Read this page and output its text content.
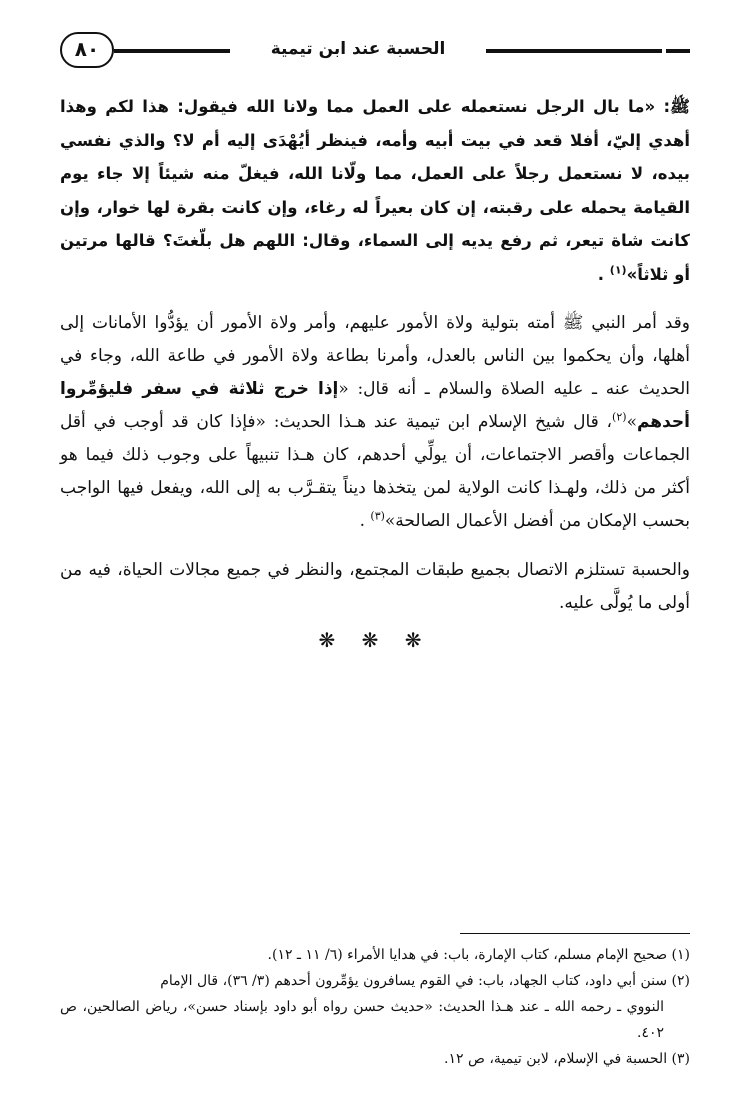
٨٠	الحسبة عند ابن تيمية

ﷺ: «ما بال الرجل نستعمله على العمل مما ولانا الله فيقول: هذا لكم وهذا أهدي إليّ، أفلا قعد في بيت أبيه وأمه، فينظر أيُهْدَى إليه أم لا؟ والذي نفسي بيده، لا نستعمل رجلاً على العمل، مما ولّانا الله، فيغلّ منه شيئاً إلا جاء يوم القيامة يحمله على رقبته، إن كان بعيراً له رغاء، وإن كانت بقرة لها خوار، وإن كانت شاة تيعر، ثم رفع يديه إلى السماء، وقال: اللهم هل بلّغتَ؟ قالها مرتين أو ثلاثاً»$^{(١)}$ .

وقد أمر النبي ﷺ أمته بتولية ولاة الأمور عليهم، وأمر ولاة الأمور أن يؤدُّوا الأمانات إلى أهلها، وأن يحكموا بين الناس بالعدل، وأمرنا بطاعة ولاة الأمور في طاعة الله، وجاء في الحديث عنه ـ عليه الصلاة والسلام ـ أنه قال: «إذا خرج ثلاثة في سفر فليؤمِّروا أحدهم»$^{(٢)}$، قال شيخ الإسلام ابن تيمية عند هـذا الحديث: «فإذا كان قد أوجب في أقل الجماعات وأقصر الاجتماعات، أن يولِّي أحدهم، كان هـذا تنبيهاً على وجوب ذلك فيما هو أكثر من ذلك، ولهـذا كانت الولاية لمن يتخذها ديناً يتقـرَّب به إلى الله، ويفعل فيها الواجب بحسب الإمكان من أفضل الأعمال الصالحة»$^{(٣)}$ .

والحسبة تستلزم الاتصال بجميع طبقات المجتمع، والنظر في جميع مجالات الحياة، فيه من أولى ما يُولَّى عليه.

❋ ❋ ❋

(١) صحيح الإمام مسلم، كتاب الإمارة، باب: في هدايا الأمراء (٦/ ١١ ـ ١٢).

(٢) سنن أبي داود، كتاب الجهاد، باب: في القوم يسافرون يؤمِّرون أحدهم (٣/ ٣٦)، قال الإمام

النووي ـ رحمه الله ـ عند هـذا الحديث: «حديث حسن رواه أبو داود بإسناد حسن»، رياض الصالحين، ص ٤٠٢.

(٣) الحسبة في الإسلام، لابن تيمية، ص ١٢.
